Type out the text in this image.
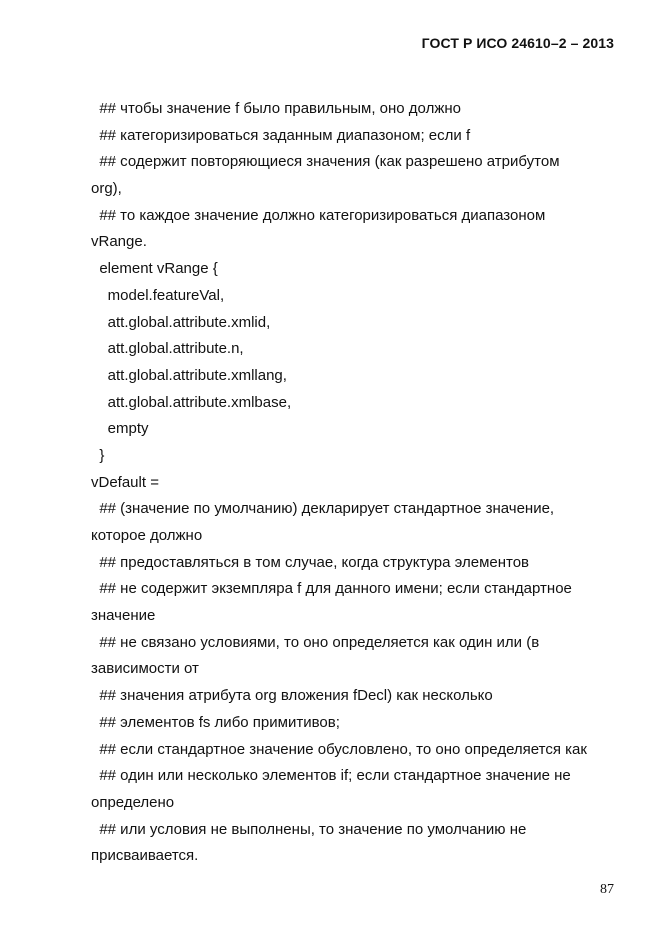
ГОСТ Р ИСО 24610–2 – 2013
## чтобы значение f было правильным, оно должно
## категоризироваться заданным диапазоном; если f
## содержит повторяющиеся значения (как разрешено атрибутом
org),
## то каждое значение должно категоризироваться диапазоном
vRange.
element vRange {
model.featureVal,
att.global.attribute.xmlid,
att.global.attribute.n,
att.global.attribute.xmllang,
att.global.attribute.xmlbase,
empty
}
vDefault =
## (значение по умолчанию) декларирует стандартное значение,
которое должно
## предоставляться в том случае, когда структура элементов
## не содержит экземпляра f для данного имени; если стандартное
значение
## не связано условиями, то оно определяется как один или (в
зависимости от
## значения атрибута org вложения fDecl) как несколько
## элементов fs либо примитивов;
## если стандартное значение обусловлено, то оно определяется как
## один или несколько элементов if; если стандартное значение не
определено
## или условия не выполнены, то значение по умолчанию не
присваивается.
87
